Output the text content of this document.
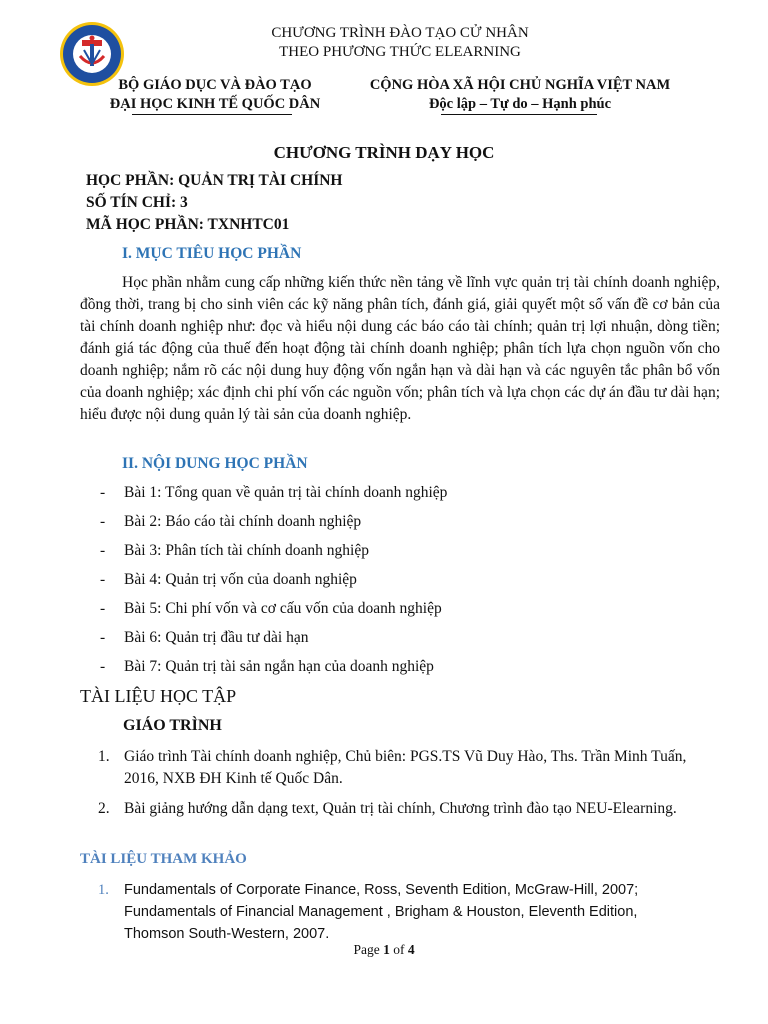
CHƯƠNG TRÌNH ĐÀO TẠO CỬ NHÂN
THEO PHƯƠNG THỨC ELEARNING
BỘ GIÁO DỤC VÀ ĐÀO TẠO
ĐẠI HỌC KINH TẾ QUỐC DÂN
CỘNG HÒA XÃ HỘI CHỦ NGHĨA VIỆT NAM
Độc lập – Tự do – Hạnh phúc
CHƯƠNG TRÌNH DẠY HỌC
HỌC PHẦN: QUẢN TRỊ TÀI CHÍNH
SỐ TÍN CHỈ: 3
MÃ HỌC PHẦN: TXNHTC01
I. MỤC TIÊU HỌC PHẦN
Học phần nhằm cung cấp những kiến thức nền tảng về lĩnh vực quản trị tài chính doanh nghiệp, đồng thời, trang bị cho sinh viên các kỹ năng phân tích, đánh giá, giải quyết một số vấn đề cơ bản của tài chính doanh nghiệp như: đọc và hiểu nội dung các báo cáo tài chính; quản trị lợi nhuận, dòng tiền; đánh giá tác động của thuế đến hoạt động tài chính doanh nghiệp; phân tích lựa chọn nguồn vốn cho doanh nghiệp; nắm rõ các nội dung huy động vốn ngắn hạn và dài hạn và các nguyên tắc phân bổ vốn của doanh nghiệp; xác định chi phí vốn các nguồn vốn; phân tích và lựa chọn các dự án đầu tư dài hạn; hiểu được nội dung quản lý tài sản của doanh nghiệp.
II. NỘI DUNG HỌC PHẦN
- Bài 1: Tổng quan về quản trị tài chính doanh nghiệp
- Bài 2: Báo cáo tài chính doanh nghiệp
- Bài 3: Phân tích tài chính doanh nghiệp
- Bài 4: Quản trị vốn của doanh nghiệp
- Bài 5: Chi phí vốn và cơ cấu vốn của doanh nghiệp
- Bài 6: Quản trị đầu tư dài hạn
- Bài 7: Quản trị tài sản ngắn hạn của doanh nghiệp
TÀI LIỆU HỌC TẬP
GIÁO TRÌNH
1. Giáo trình Tài chính doanh nghiệp, Chủ biên: PGS.TS Vũ Duy Hào, Ths. Trần Minh Tuấn, 2016, NXB ĐH Kinh tế Quốc Dân.
2. Bài giảng hướng dẫn dạng text, Quản trị tài chính, Chương trình đào tạo NEU-Elearning.
TÀI LIỆU THAM KHẢO
1. Fundamentals of Corporate Finance, Ross, Seventh Edition, McGraw-Hill, 2007; Fundamentals of Financial Management , Brigham & Houston, Eleventh Edition, Thomson South-Western, 2007.
Page 1 of 4
